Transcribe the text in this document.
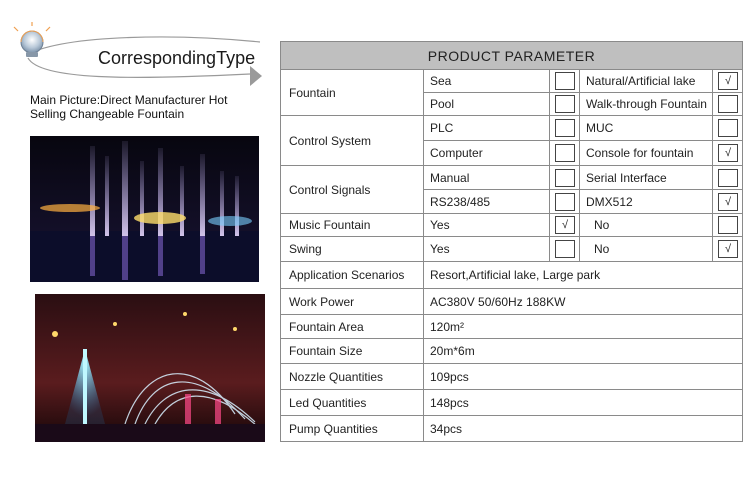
CorrespondingType
Main Picture:Direct Manufacturer Hot
Selling Changeable Fountain
PRODUCT PARAMETER				
Fountain	Sea		Natural/Artificial lake	√
	Pool		Walk-through Fountain	
Control System	PLC		MUC	
	Computer		Console for fountain	√
Control Signals	Manual		Serial Interface	
	RS238/485		DMX512	√
Music Fountain	Yes	√	No	
Swing	Yes		No	√
Application Scenarios	Resort,Artificial lake, Large park			
Work Power	AC380V 50/60Hz 188KW			
Fountain Area	120m²			
Fountain Size	20m*6m			
Nozzle Quantities	109pcs			
Led Quantities	148pcs			
Pump Quantities	34pcs			
